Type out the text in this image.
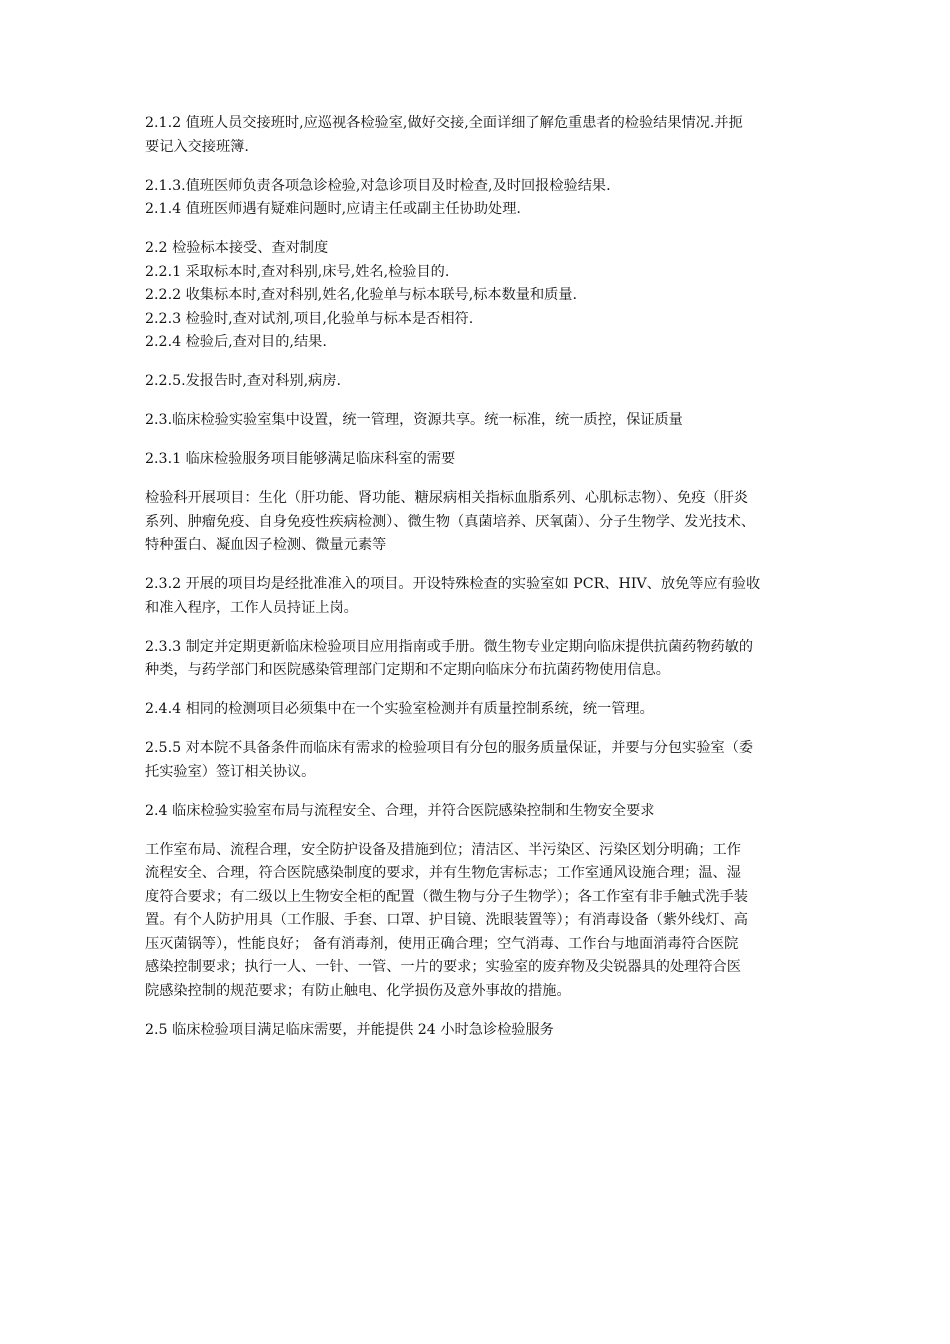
2.1.2 值班人员交接班时,应巡视各检验室,做好交接,全面详细了解危重患者的检验结果情况.并扼
要记入交接班簿.
2.1.3.值班医师负责各项急诊检验,对急诊项目及时检查,及时回报检验结果.
2.1.4 值班医师遇有疑难问题时,应请主任或副主任协助处理.
2.2 检验标本接受、查对制度
2.2.1 采取标本时,查对科别,床号,姓名,检验目的.
2.2.2 收集标本时,查对科别,姓名,化验单与标本联号,标本数量和质量.
2.2.3 检验时,查对试剂,项目,化验单与标本是否相符.
2.2.4 检验后,查对目的,结果.
2.2.5.发报告时,查对科别,病房.
2.3.临床检验实验室集中设置，统一管理，资源共享。统一标准，统一质控，保证质量
2.3.1 临床检验服务项目能够满足临床科室的需要
检验科开展项目：生化（肝功能、肾功能、糖尿病相关指标血脂系列、心肌标志物）、免疫（肝炎
系列、肿瘤免疫、自身免疫性疾病检测）、微生物（真菌培养、厌氧菌）、分子生物学、发光技术、
特种蛋白、凝血因子检测、微量元素等
2.3.2 开展的项目均是经批准准入的项目。开设特殊检查的实验室如 PCR、HIV、放免等应有验收
和准入程序，工作人员持证上岗。
2.3.3 制定并定期更新临床检验项目应用指南或手册。微生物专业定期向临床提供抗菌药物药敏的
种类，与药学部门和医院感染管理部门定期和不定期向临床分布抗菌药物使用信息。
2.4.4 相同的检测项目必须集中在一个实验室检测并有质量控制系统，统一管理。
2.5.5 对本院不具备条件而临床有需求的检验项目有分包的服务质量保证，并要与分包实验室（委
托实验室）签订相关协议。
2.4 临床检验实验室布局与流程安全、合理，并符合医院感染控制和生物安全要求
工作室布局、流程合理，安全防护设备及措施到位；清洁区、半污染区、污染区划分明确；工作
流程安全、合理，符合医院感染制度的要求，并有生物危害标志；工作室通风设施合理；温、湿
度符合要求；有二级以上生物安全柜的配置（微生物与分子生物学）；各工作室有非手触式洗手装
置。有个人防护用具（工作服、手套、口罩、护目镜、洗眼装置等）；有消毒设备（紫外线灯、高
压灭菌锅等），性能良好； 备有消毒剂，使用正确合理；空气消毒、工作台与地面消毒符合医院
感染控制要求；执行一人、一针、一管、一片的要求；实验室的废弃物及尖锐器具的处理符合医
院感染控制的规范要求；有防止触电、化学损伤及意外事故的措施。
2.5 临床检验项目满足临床需要，并能提供 24 小时急诊检验服务
